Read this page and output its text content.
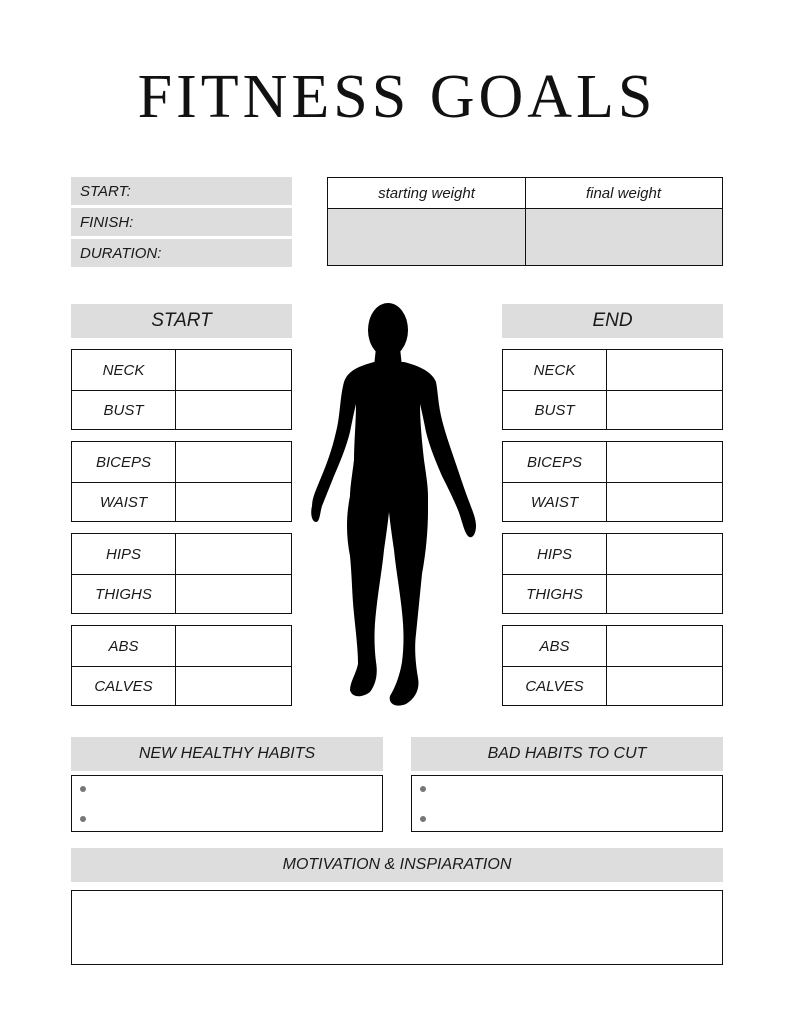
FITNESS GOALS
START:
FINISH:
DURATION:
starting weight	final weight
START
NECK
BUST
BICEPS
WAIST
HIPS
THIGHS
ABS
CALVES
END
NECK
BUST
BICEPS
WAIST
HIPS
THIGHS
ABS
CALVES
NEW HEALTHY HABITS	BAD HABITS TO CUT
MOTIVATION & INSPIARATION
